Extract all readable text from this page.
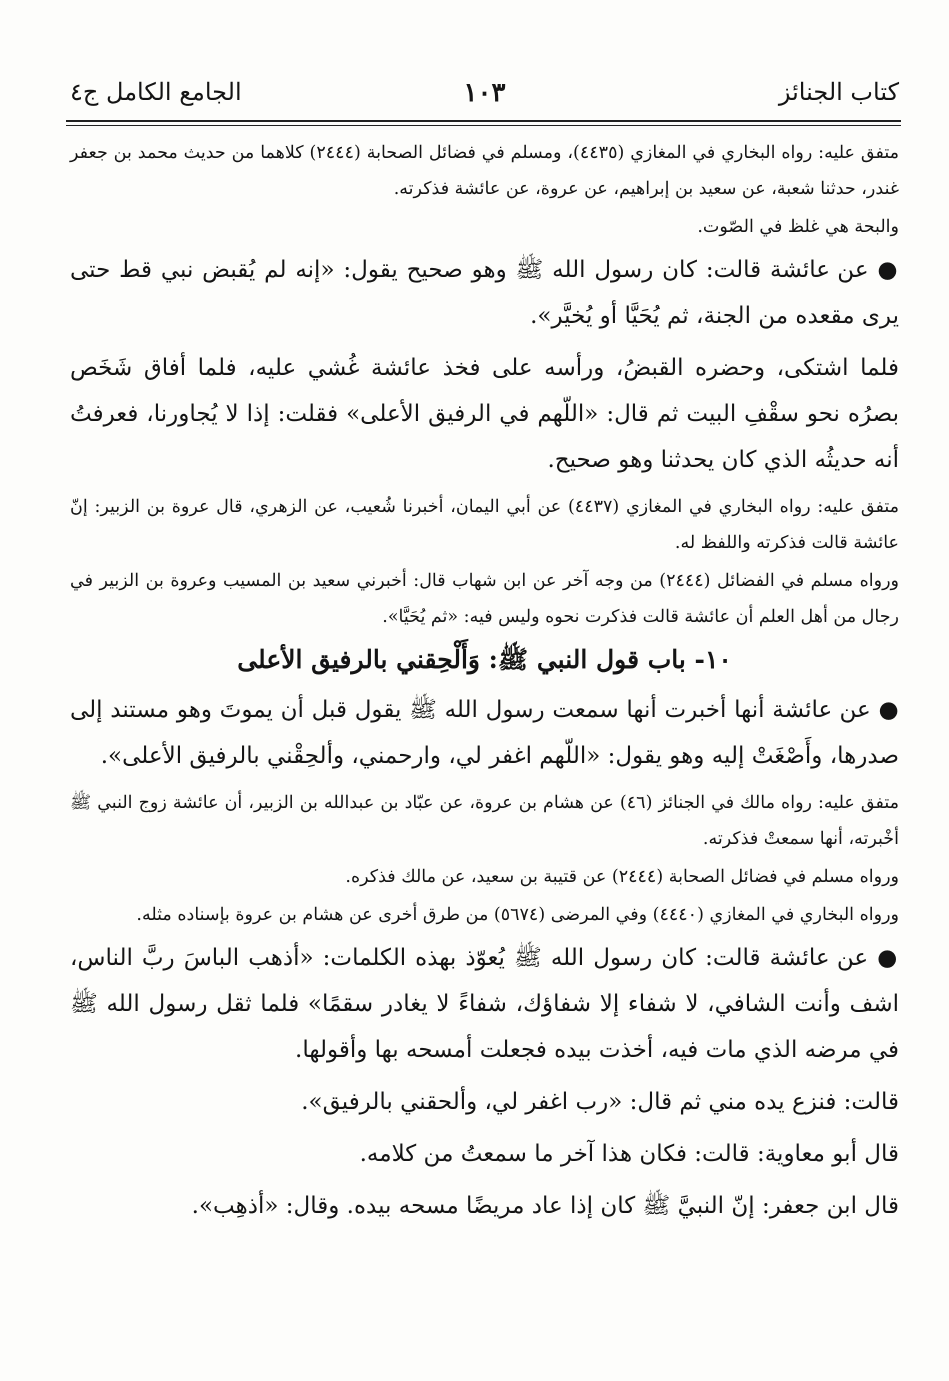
كتاب الجنائز
١٠٣
الجامع الكامل ج٤

متفق عليه: رواه البخاري في المغازي (٤٤٣٥)، ومسلم في فضائل الصحابة (٢٤٤٤) كلاهما من حديث محمد بن جعفر غندر، حدثنا شعبة، عن سعيد بن إبراهيم، عن عروة، عن عائشة فذكرته.

والبحة هي غلظ في الصّوت.

● عن عائشة قالت: كان رسول الله ﷺ وهو صحيح يقول: «إنه لم يُقبض نبي قط حتى يرى مقعده من الجنة، ثم يُحَيَّا أو يُخيَّر».

فلما اشتكى، وحضره القبضُ، ورأسه على فخذ عائشة غُشي عليه، فلما أفاق شَخَص بصرُه نحو سقْفِ البيت ثم قال: «اللّهم في الرفيق الأعلى» فقلت: إذا لا يُجاورنا، فعرفتُ أنه حديثُه الذي كان يحدثنا وهو صحيح.

متفق عليه: رواه البخاري في المغازي (٤٤٣٧) عن أبي اليمان، أخبرنا شُعيب، عن الزهري، قال عروة بن الزبير: إنّ عائشة قالت فذكرته واللفظ له.

ورواه مسلم في الفضائل (٢٤٤٤) من وجه آخر عن ابن شهاب قال: أخبرني سعيد بن المسيب وعروة بن الزبير في رجال من أهل العلم أن عائشة قالت فذكرت نحوه وليس فيه: «ثم يُحَيَّا».

١٠- باب قول النبي ﷺ: وَأَلْحِقني بالرفيق الأعلى

● عن عائشة أنها أخبرت أنها سمعت رسول الله ﷺ يقول قبل أن يموتَ وهو مستند إلى صدرها، وأَصْغَتْ إليه وهو يقول: «اللّهم اغفر لي، وارحمني، وألحِقْني بالرفيق الأعلى».

متفق عليه: رواه مالك في الجنائز (٤٦) عن هشام بن عروة، عن عبّاد بن عبدالله بن الزبير، أن عائشة زوج النبي ﷺ أخْبرته، أنها سمعتْ فذكرته.

ورواه مسلم في فضائل الصحابة (٢٤٤٤) عن قتيبة بن سعيد، عن مالك فذكره.

ورواه البخاري في المغازي (٤٤٤٠) وفي المرضى (٥٦٧٤) من طرق أخرى عن هشام بن عروة بإسناده مثله.

● عن عائشة قالت: كان رسول الله ﷺ يُعوّذ بهذه الكلمات: «أذهب الباسَ ربَّ الناس، اشف وأنت الشافي، لا شفاء إلا شفاؤك، شفاءً لا يغادر سقمًا» فلما ثقل رسول الله ﷺ في مرضه الذي مات فيه، أخذت بيده فجعلت أمسحه بها وأقولها.

قالت: فنزع يده مني ثم قال: «رب اغفر لي، وألحقني بالرفيق».

قال أبو معاوية: قالت: فكان هذا آخر ما سمعتُ من كلامه.

قال ابن جعفر: إنّ النبيَّ ﷺ كان إذا عاد مريضًا مسحه بيده. وقال: «أذهِب».
